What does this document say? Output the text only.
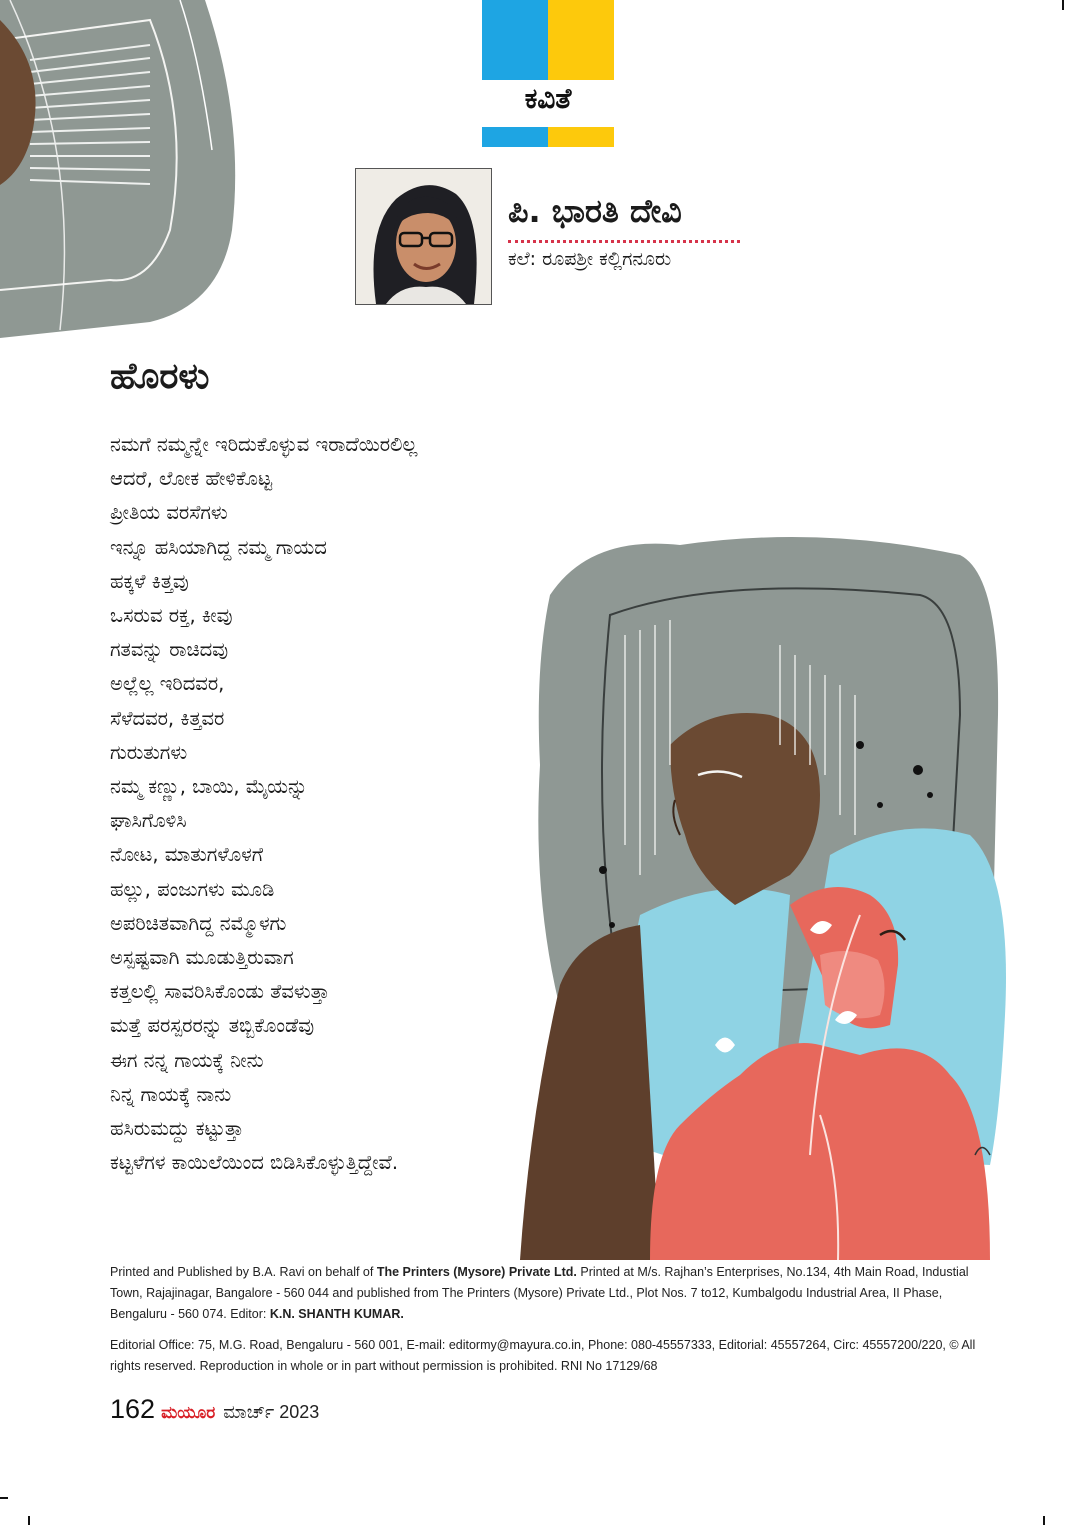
ಕವಿತೆ
ಪಿ. ಭಾರತಿ ದೇವಿ
ಕಲೆ: ರೂಪಶ್ರೀ ಕಲ್ಲಿಗನೂರು
ಹೊರಳು
ನಮಗೆ ನಮ್ಮನ್ನೇ ಇರಿದುಕೊಳ್ಳುವ ಇರಾದೆಯಿರಲಿಲ್ಲ
ಆದರೆ, ಲೋಕ ಹೇಳಿಕೊಟ್ಟ
ಪ್ರೀತಿಯ ವರಸೆಗಳು
ಇನ್ನೂ ಹಸಿಯಾಗಿದ್ದ ನಮ್ಮ ಗಾಯದ
ಹಕ್ಕಳೆ ಕಿತ್ತವು
ಒಸರುವ ರಕ್ತ, ಕೀವು
ಗತವನ್ನು ರಾಚಿದವು
ಅಲ್ಲೆಲ್ಲ ಇರಿದವರ,
ಸೆಳೆದವರ, ಕಿತ್ತವರ
ಗುರುತುಗಳು
ನಮ್ಮ ಕಣ್ಣು, ಬಾಯಿ, ಮೈಯನ್ನು
ಘಾಸಿಗೊಳಿಸಿ
ನೋಟ, ಮಾತುಗಳೊಳಗೆ
ಹಲ್ಲು, ಪಂಜುಗಳು ಮೂಡಿ
ಅಪರಿಚಿತವಾಗಿದ್ದ ನಮ್ಮೊಳಗು
ಅಸ್ಪಷ್ಟವಾಗಿ ಮೂಡುತ್ತಿರುವಾಗ
ಕತ್ತಲಲ್ಲಿ ಸಾವರಿಸಿಕೊಂಡು ತೆವಳುತ್ತಾ
ಮತ್ತೆ ಪರಸ್ಪರರನ್ನು ತಬ್ಬಿಕೊಂಡೆವು
ಈಗ ನನ್ನ ಗಾಯಕ್ಕೆ ನೀನು
ನಿನ್ನ ಗಾಯಕ್ಕೆ ನಾನು
ಹಸಿರುಮದ್ದು ಕಟ್ಟುತ್ತಾ
ಕಟ್ಟಳೆಗಳ ಕಾಯಿಲೆಯಿಂದ ಬಿಡಿಸಿಕೊಳ್ಳುತ್ತಿದ್ದೇವೆ.

Printed and Published by B.A. Ravi on behalf of The Printers (Mysore) Private Ltd. Printed at M/s. Rajhan’s Enterprises, No.134, 4th Main Road, Industial Town, Rajajinagar, Bangalore - 560 044 and published from The Printers (Mysore) Private Ltd., Plot Nos. 7 to12, Kumbalgodu Industrial Area, II Phase, Bengaluru - 560 074. Editor: K.N. SHANTH KUMAR.

Editorial Office: 75, M.G. Road, Bengaluru - 560 001, E-mail: editormy@mayura.co.in, Phone: 080-45557333, Editorial: 45557264, Circ: 45557200/220, © All rights reserved. Reproduction in whole or in part without permission is prohibited. RNI No 17129/68

162 ಮಯೂರ ಮಾರ್ಚ್ 2023
